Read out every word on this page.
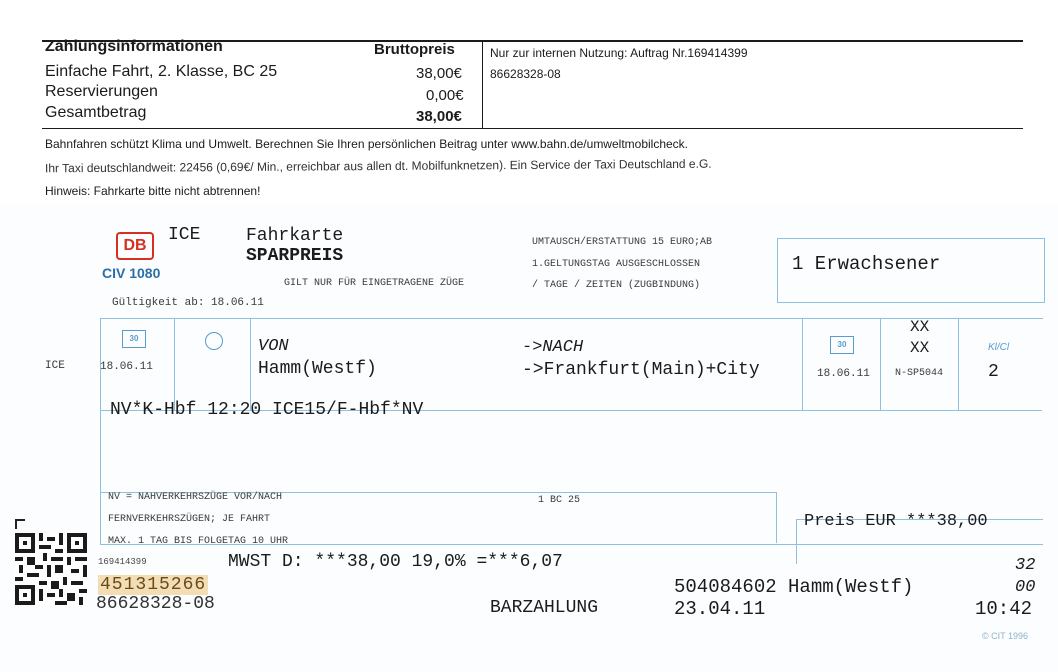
Zahlungsinformationen	Bruttopreis
Einfache Fahrt, 2. Klasse, BC 25	38,00€
Reservierungen	0,00€
Gesamtbetrag	38,00€
Nur zur internen Nutzung: Auftrag Nr.169414399
86628328-08
Bahnfahren schützt Klima und Umwelt. Berechnen Sie Ihren persönlichen Beitrag unter www.bahn.de/umweltmobilcheck.
Ihr Taxi deutschlandweit: 22456 (0,69€/ Min., erreichbar aus allen dt. Mobilfunknetzen). Ein Service der Taxi Deutschland e.G.
Hinweis: Fahrkarte bitte nicht abtrennen!
DB
CIV 1080
ICE	Fahrkarte
SPARPREIS
GILT NUR FÜR EINGETRAGENE ZÜGE
Gültigkeit ab: 18.06.11
UMTAUSCH/ERSTATTUNG 15 EURO;AB
1.GELTUNGSTAG AUSGESCHLOSSEN
/ TAGE / ZEITEN (ZUGBINDUNG)
1 Erwachsener
ICE
30
18.06.11
VON
Hamm(Westf)
->NACH
->Frankfurt(Main)+City
30
18.06.11
XX
XX
N-SP5044
Kl/Cl
2
NV*K-Hbf 12:20 ICE15/F-Hbf*NV
NV = NAHVERKEHRSZÜGE VOR/NACH
FERNVERKEHRSZÜGEN; JE FAHRT
MAX. 1 TAG BIS FOLGETAG 10 UHR
1 BC 25
Preis EUR ***38,00
169414399	MWST D: ***38,00 19,0% =***6,07
451315266
86628328-08	BARZAHLUNG
504084602 Hamm(Westf)
23.04.11
32
00
10:42
© CIT 1996
